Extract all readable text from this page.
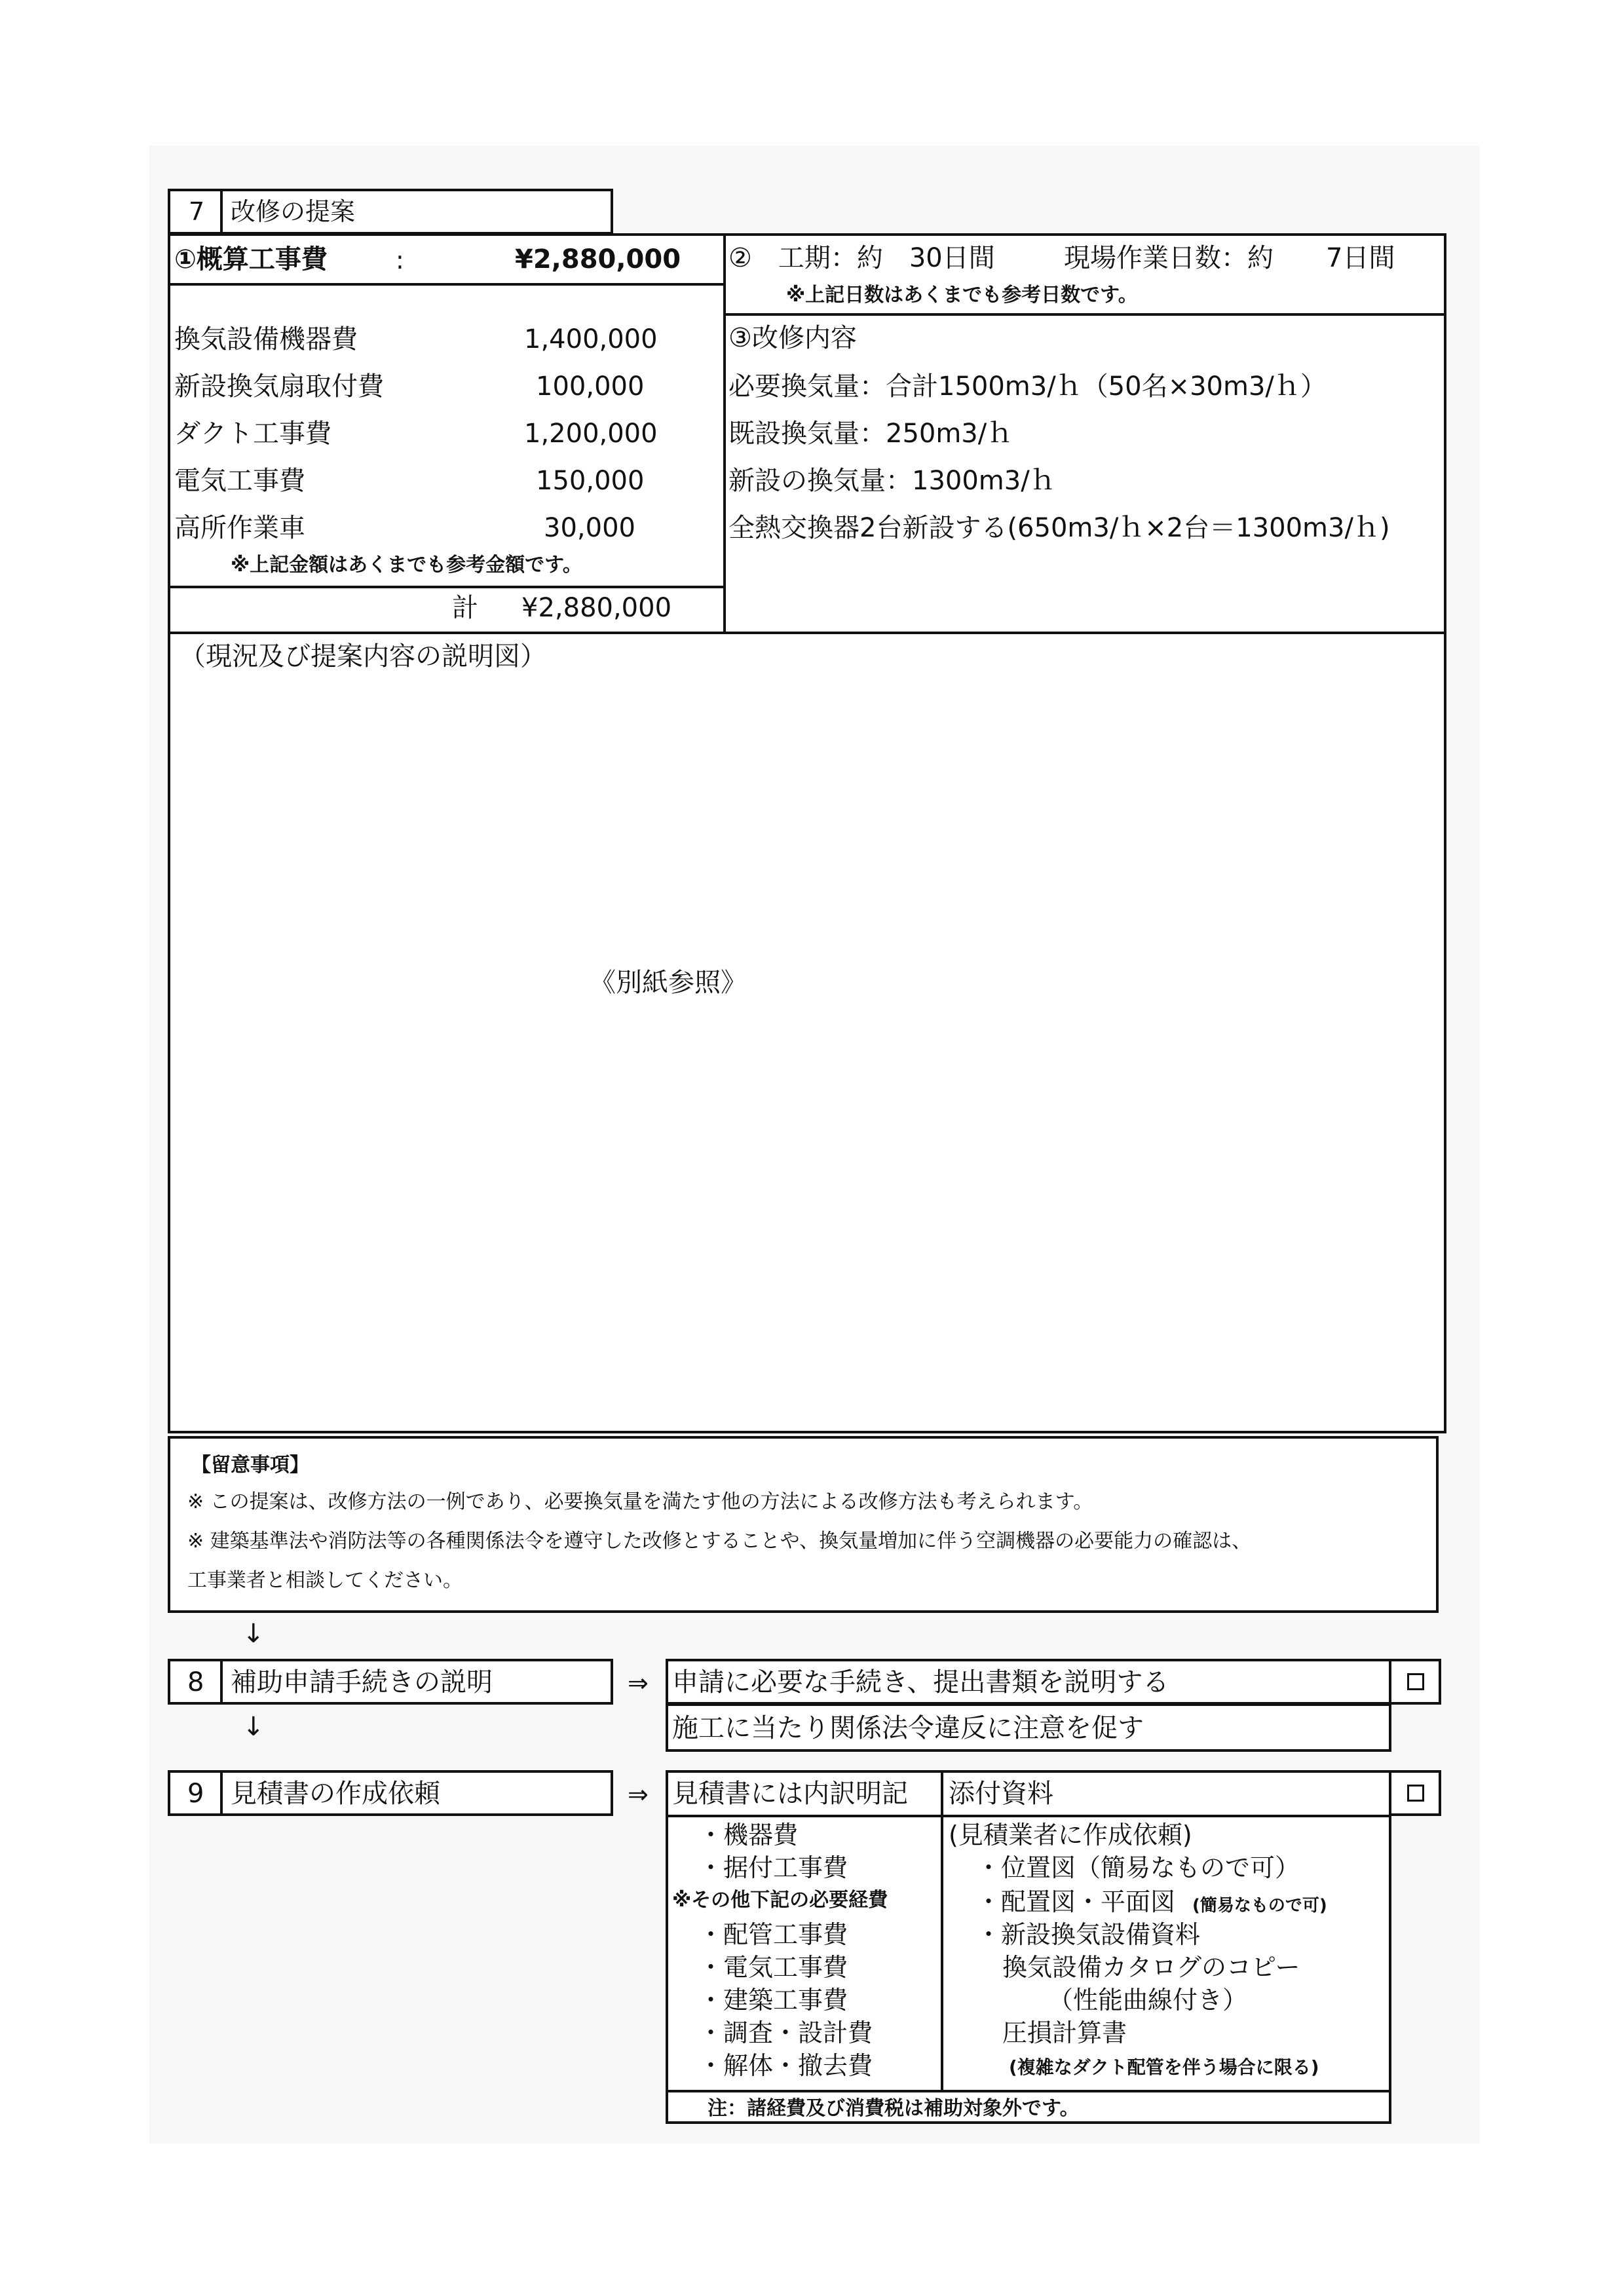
7 改修の提案
①概算工事費	:	¥2,880,000
換気設備機器費	1,400,000
新設換気扇取付費	100,000
ダクト工事費	1,200,000
電気工事費	150,000
高所作業車	30,000
※上記金額はあくまでも参考金額です。
計 ¥2,880,000
②　工期：約　30日間	現場作業日数：約　　7日間
※上記日数はあくまでも参考日数です。
③改修内容
必要換気量：合計1500m3/ｈ（50名×30m3/ｈ）
既設換気量：250m3/ｈ
新設の換気量：1300m3/ｈ
全熱交換器2台新設する(650m3/ｈ×2台＝1300m3/ｈ)
（現況及び提案内容の説明図）
《別紙参照》
【留意事項】
※ この提案は、改修方法の一例であり、必要換気量を満たす他の方法による改修方法も考えられます。
※ 建築基準法や消防法等の各種関係法令を遵守した改修とすることや、換気量増加に伴う空調機器の必要能力の確認は、
工事業者と相談してください。
↓
8 補助申請手続きの説明	⇒ 申請に必要な手続き、提出書類を説明する
施工に当たり関係法令違反に注意を促す
↓
9 見積書の作成依頼	⇒ 見積書には内訳明記 添付資料
・機器費
・据付工事費
※その他下記の必要経費
・配管工事費
・電気工事費
・建築工事費
・調査・設計費
・解体・撤去費
(見積業者に作成依頼)
・位置図（簡易なもので可）
・配置図・平面図 (簡易なもので可)
・新設換気設備資料
換気設備カタログのコピー
（性能曲線付き）
圧損計算書
(複雑なダクト配管を伴う場合に限る)
注：諸経費及び消費税は補助対象外です。
